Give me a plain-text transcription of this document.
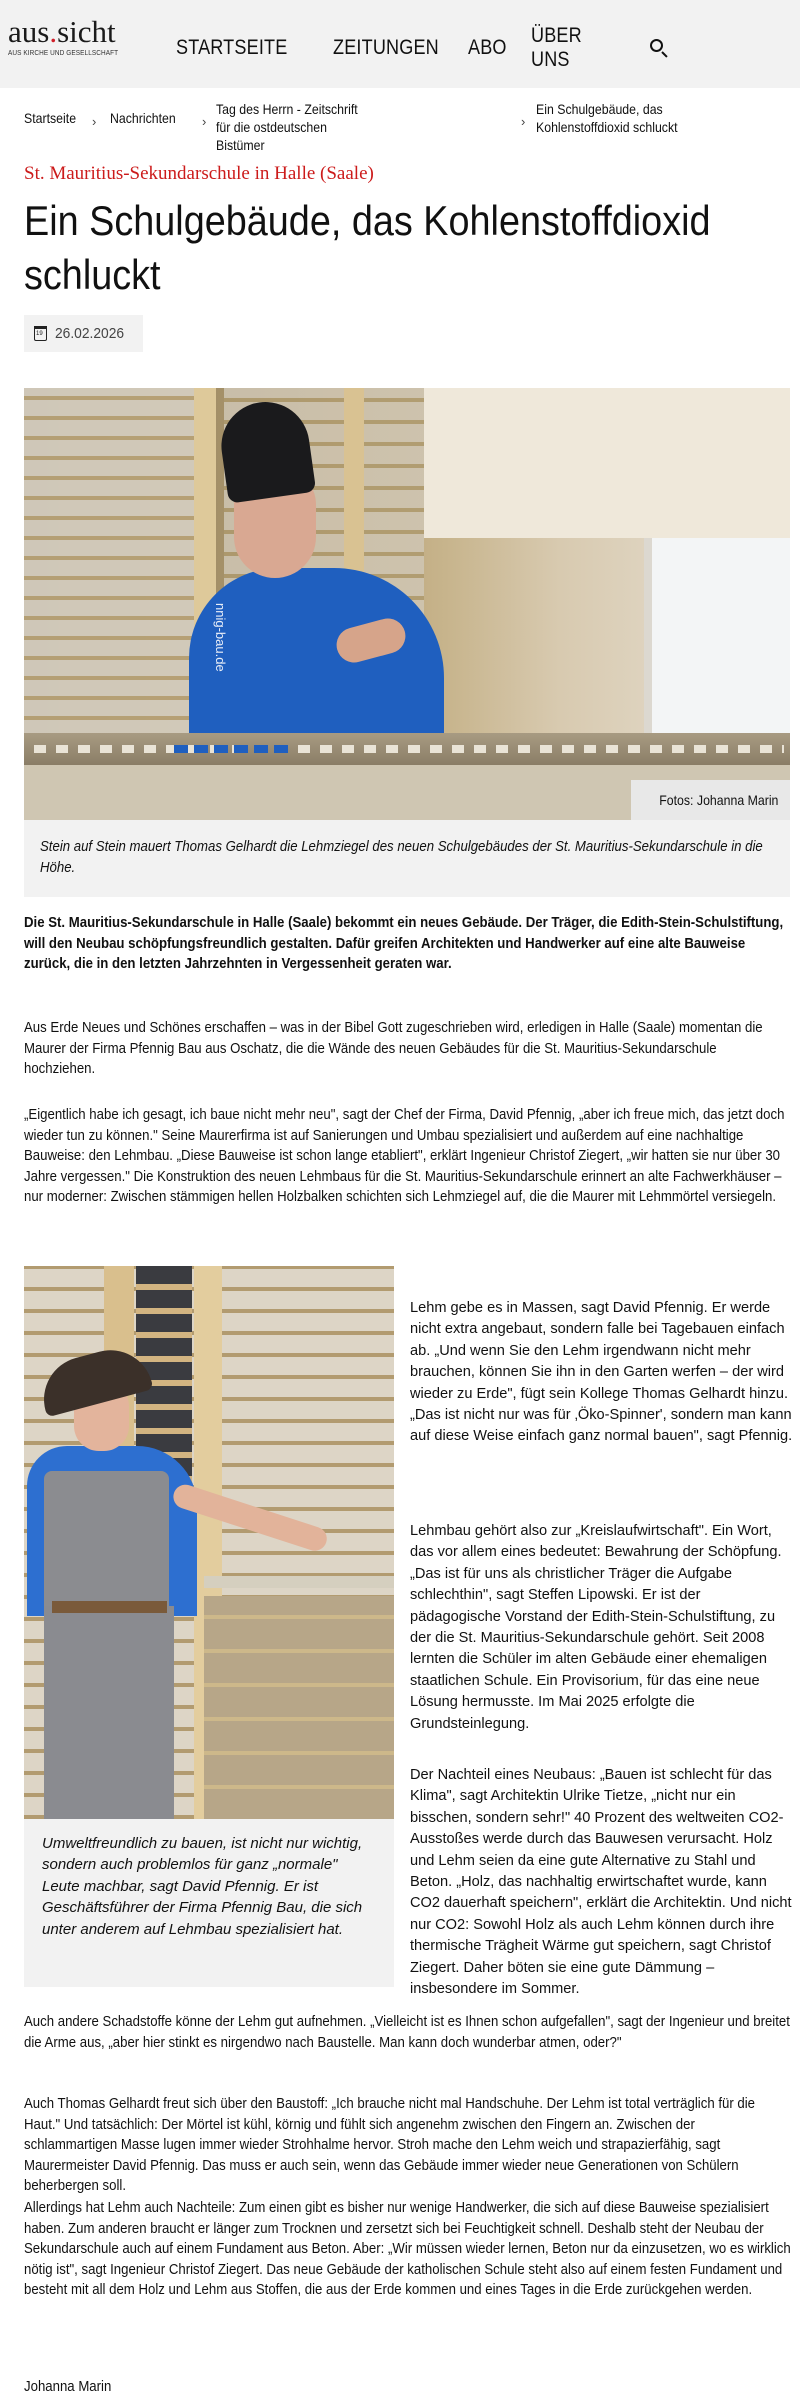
aus.sicht
AUS KIRCHE UND GESELLSCHAFT	STARTSEITE	ZEITUNGEN ABO
ÜBER UNS
Startseite › Nachrichten ›
Tag des Herrn - Zeitschrift für die ostdeutschen Bistümer
›
Ein Schulgebäude, das Kohlenstoffdioxid schluckt
St. Mauritius-Sekundarschule in Halle (Saale)
Ein Schulgebäude, das Kohlenstoffdioxid schluckt
19 26.02.2026
nnig-bau.de
Fotos: Johanna Marin
Stein auf Stein mauert Thomas Gelhardt die Lehmziegel des neuen Schulgebäudes der St. Mauritius-Sekundarschule in die Höhe.

Die St. Mauritius-Sekundarschule in Halle (Saale) bekommt ein neues Gebäude. Der Träger, die Edith-Stein-Schulstiftung, will den Neubau schöpfungsfreundlich gestalten. Dafür greifen Architekten und Handwerker auf eine alte Bauweise zurück, die in den letzten Jahrzehnten in Vergessenheit geraten war.

Aus Erde Neues und Schönes erschaffen – was in der Bibel Gott zugeschrieben wird, erledigen in Halle (Saale) momentan die Maurer der Firma Pfennig Bau aus Oschatz, die die Wände des neuen Gebäudes für die St. Mauritius-Sekundarschule hochziehen.

„Eigentlich habe ich gesagt, ich baue nicht mehr neu", sagt der Chef der Firma, David Pfennig, „aber ich freue mich, das jetzt doch wieder tun zu können." Seine Maurerfirma ist auf Sanierungen und Umbau spezialisiert und außerdem auf eine nachhaltige Bauweise: den Lehmbau. „Diese Bauweise ist schon lange etabliert", erklärt Ingenieur Christof Ziegert, „wir hatten sie nur über 30 Jahre vergessen." Die Konstruktion des neuen Lehmbaus für die St. Mauritius-Sekundarschule erinnert an alte Fachwerkhäuser – nur moderner: Zwischen stämmigen hellen Holzbalken schichten sich Lehmziegel auf, die die Maurer mit Lehmmörtel versiegeln.

Umweltfreundlich zu bauen, ist nicht nur wichtig, sondern auch problemlos für ganz „normale" Leute machbar, sagt David Pfennig. Er ist Geschäftsführer der Firma Pfennig Bau, die sich unter anderem auf Lehmbau spezialisiert hat.

Lehm gebe es in Massen, sagt David Pfennig. Er werde nicht extra angebaut, sondern falle bei Tagebauen einfach ab. „Und wenn Sie den Lehm irgendwann nicht mehr brauchen, können Sie ihn in den Garten werfen – der wird wieder zu Erde", fügt sein Kollege Thomas Gelhardt hinzu. „Das ist nicht nur was für ‚Öko-Spinner', sondern man kann auf diese Weise einfach ganz normal bauen", sagt Pfennig.

Lehmbau gehört also zur „Kreislaufwirtschaft". Ein Wort, das vor allem eines bedeutet: Bewahrung der Schöpfung. „Das ist für uns als christlicher Träger die Aufgabe schlechthin", sagt Steffen Lipowski. Er ist der pädagogische Vorstand der Edith-Stein-Schulstiftung, zu der die St. Mauritius-Sekundarschule gehört. Seit 2008 lernten die Schüler im alten Gebäude einer ehemaligen staatlichen Schule. Ein Provisorium, für das eine neue Lösung hermusste. Im Mai 2025 erfolgte die Grundsteinlegung.

Der Nachteil eines Neubaus: „Bauen ist schlecht für das Klima", sagt Architektin Ulrike Tietze, „nicht nur ein bisschen, sondern sehr!" 40 Prozent des weltweiten CO2-Ausstoßes werde durch das Bauwesen verursacht. Holz und Lehm seien da eine gute Alternative zu Stahl und Beton. „Holz, das nachhaltig erwirtschaftet wurde, kann CO2 dauerhaft speichern", erklärt die Architektin. Und nicht nur CO2: Sowohl Holz als auch Lehm können durch ihre thermische Trägheit Wärme gut speichern, sagt Christof Ziegert. Daher böten sie eine gute Dämmung – insbesondere im Sommer.

Auch andere Schadstoffe könne der Lehm gut aufnehmen. „Vielleicht ist es Ihnen schon aufgefallen", sagt der Ingenieur und breitet die Arme aus, „aber hier stinkt es nirgendwo nach Baustelle. Man kann doch wunderbar atmen, oder?"

Auch Thomas Gelhardt freut sich über den Baustoff: „Ich brauche nicht mal Handschuhe. Der Lehm ist total verträglich für die Haut." Und tatsächlich: Der Mörtel ist kühl, körnig und fühlt sich angenehm zwischen den Fingern an. Zwischen der schlammartigen Masse lugen immer wieder Strohhalme hervor. Stroh mache den Lehm weich und strapazierfähig, sagt Maurermeister David Pfennig. Das muss er auch sein, wenn das Gebäude immer wieder neue Generationen von Schülern beherbergen soll.

Allerdings hat Lehm auch Nachteile: Zum einen gibt es bisher nur wenige Handwerker, die sich auf diese Bauweise spezialisiert haben. Zum anderen braucht er länger zum Trocknen und zersetzt sich bei Feuchtigkeit schnell. Deshalb steht der Neubau der Sekundarschule auch auf einem Fundament aus Beton. Aber: „Wir müssen wieder lernen, Beton nur da einzusetzen, wo es wirklich nötig ist", sagt Ingenieur Christof Ziegert. Das neue Gebäude der katholischen Schule steht also auf einem festen Fundament und besteht mit all dem Holz und Lehm aus Stoffen, die aus der Erde kommen und eines Tages in die Erde zurückgehen werden.

Johanna Marin
